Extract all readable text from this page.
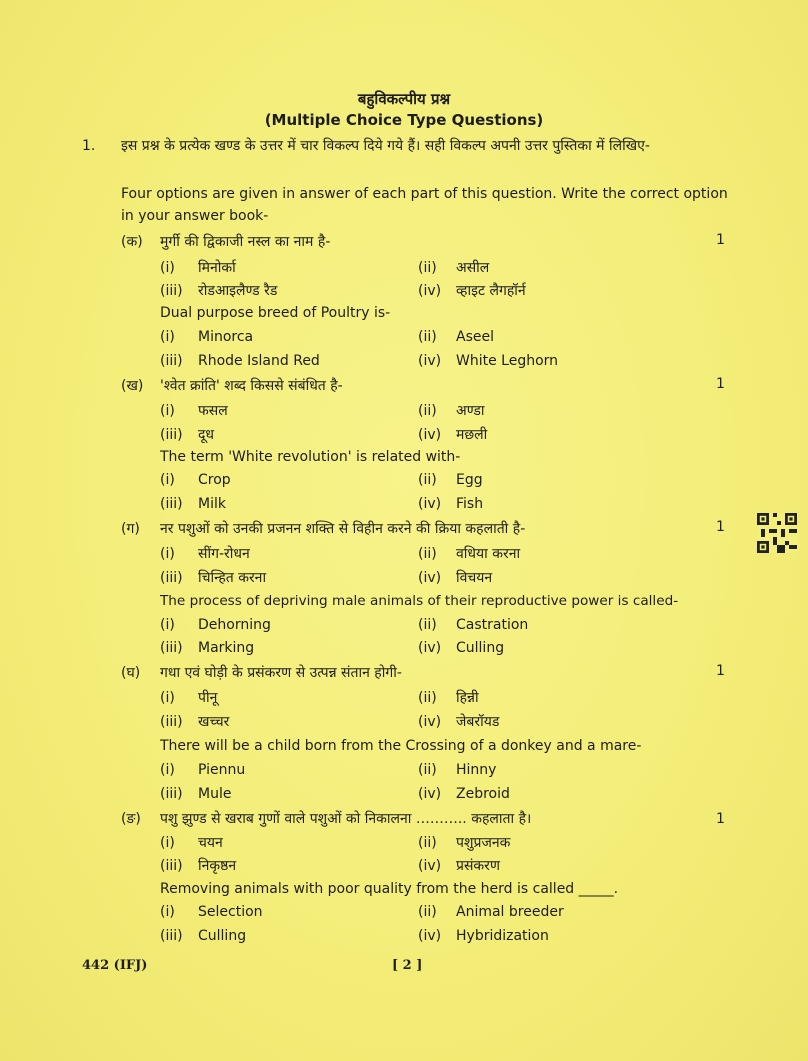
बहुविकल्पीय प्रश्न
(Multiple Choice Type Questions)
1. इस प्रश्न के प्रत्येक खण्ड के उत्तर में चार विकल्प दिये गये हैं। सही विकल्प अपनी उत्तर पुस्तिका में लिखिए-
Four options are given in answer of each part of this question. Write the correct option in your answer book-
(क) मुर्गी की द्विकाजी नस्ल का नाम है-	1
(i) मिनोर्का	(ii) असील
(iii) रोडआइलैण्ड रैड	(iv) व्हाइट लैगहॉर्न
Dual purpose breed of Poultry is-
(i) Minorca	(ii) Aseel
(iii) Rhode Island Red	(iv) White Leghorn
(ख) 'श्वेत क्रांति' शब्द किससे संबंधित है-	1
(i) फसल	(ii) अण्डा
(iii) दूध	(iv) मछली
The term 'White revolution' is related with-
(i) Crop	(ii) Egg
(iii) Milk	(iv) Fish
(ग) नर पशुओं को उनकी प्रजनन शक्ति से विहीन करने की क्रिया कहलाती है-	1
(i) सींग-रोधन	(ii) वधिया करना
(iii) चिन्हित करना	(iv) विचयन
The process of depriving male animals of their reproductive power is called-
(i) Dehorning	(ii) Castration
(iii) Marking	(iv) Culling
(घ) गधा एवं घोड़ी के प्रसंकरण से उत्पन्न संतान होगी-	1
(i) पीनू	(ii) हिन्नी
(iii) खच्चर	(iv) जेबरॉयड
There will be a child born from the Crossing of a donkey and a mare-
(i) Piennu	(ii) Hinny
(iii) Mule	(iv) Zebroid
(ङ) पशु झुण्ड से खराब गुणों वाले पशुओं को निकालना ……….. कहलाता है।	1
(i) चयन	(ii) पशुप्रजनक
(iii) निकृष्ठन	(iv) प्रसंकरण
Removing animals with poor quality from the herd is called _____.
(i) Selection	(ii) Animal breeder
(iii) Culling	(iv) Hybridization
442 (IFJ)	[ 2 ]
